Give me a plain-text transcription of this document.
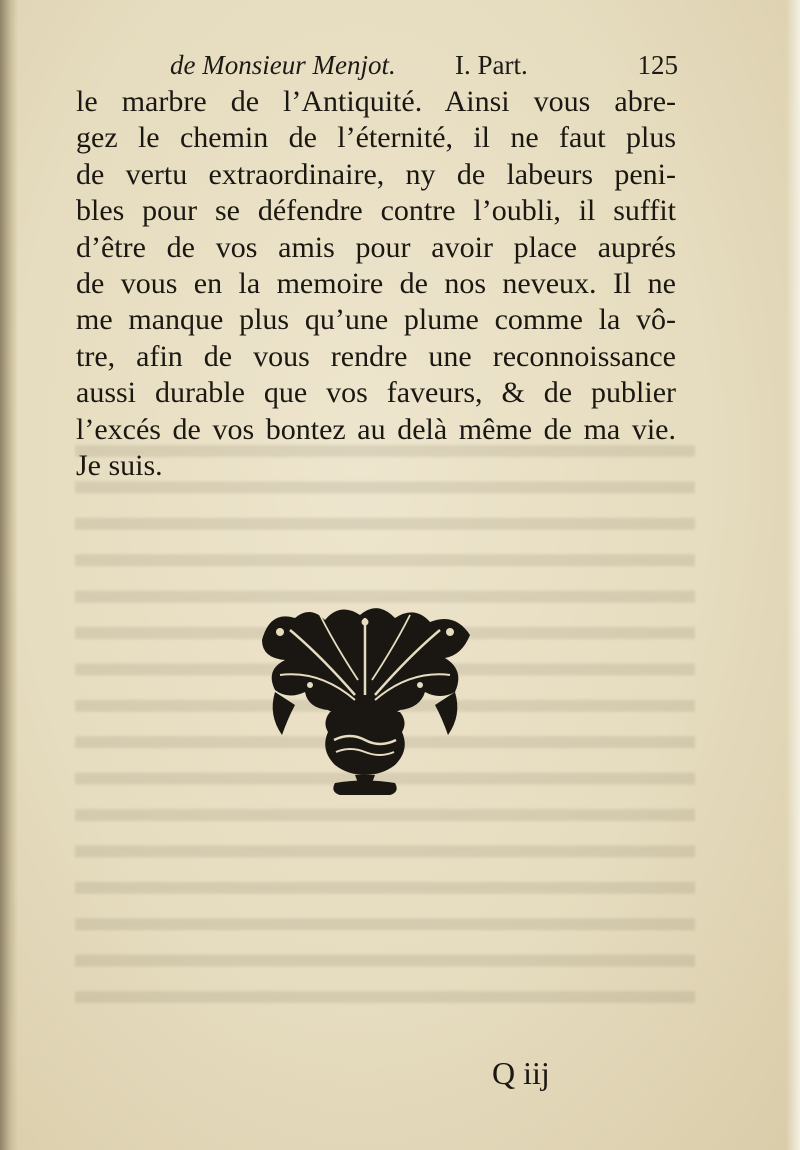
de Monsieur Menjot. I. Part.	125
le marbre de l’Antiquité. Ainsi vous abre-
gez le chemin de l’éternité, il ne faut plus
de vertu extraordinaire, ny de labeurs peni-
bles pour se défendre contre l’oubli, il suffit
d’être de vos amis pour avoir place auprés
de vous en la memoire de nos neveux. Il ne
me manque plus qu’une plume comme la vô-
tre, afin de vous rendre une reconnoissance
aussi durable que vos faveurs, & de publier
l’excés de vos bontez au delà même de ma vie.
Je suis.
Q iij
